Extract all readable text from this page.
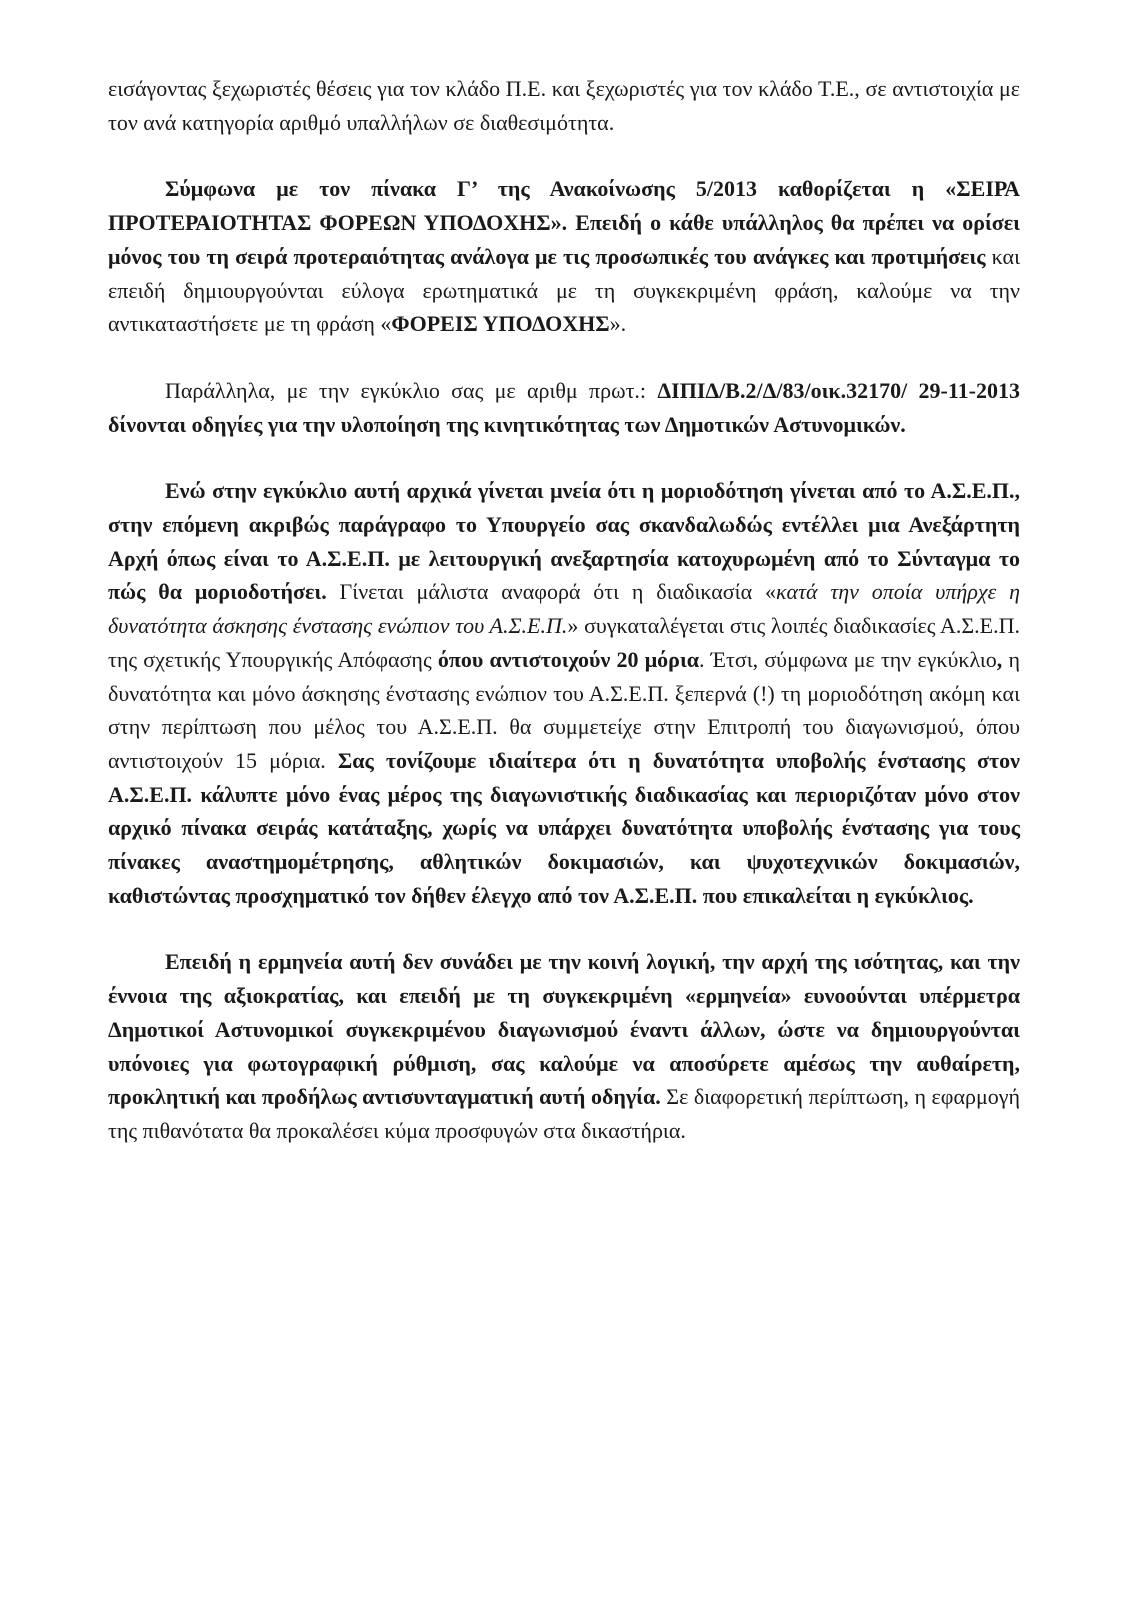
εισάγοντας ξεχωριστές θέσεις για τον κλάδο Π.Ε. και ξεχωριστές για τον κλάδο Τ.Ε., σε αντιστοιχία με τον ανά κατηγορία αριθμό υπαλλήλων σε διαθεσιμότητα.

Σύμφωνα με τον πίνακα Γ’ της Ανακοίνωσης 5/2013 καθορίζεται η «ΣΕΙΡΑ ΠΡΟΤΕΡΑΙΟΤΗΤΑΣ ΦΟΡΕΩΝ ΥΠΟΔΟΧΗΣ». Επειδή ο κάθε υπάλληλος θα πρέπει να ορίσει μόνος του τη σειρά προτεραιότητας ανάλογα με τις προσωπικές του ανάγκες και προτιμήσεις και επειδή δημιουργούνται εύλογα ερωτηματικά με τη συγκεκριμένη φράση, καλούμε να την αντικαταστήσετε με τη φράση «ΦΟΡΕΙΣ ΥΠΟΔΟΧΗΣ».

Παράλληλα, με την εγκύκλιο σας με αριθμ πρωτ.: ΔΙΠΙΔ/Β.2/Δ/83/οικ.32170/ 29-11-2013 δίνονται οδηγίες για την υλοποίηση της κινητικότητας των Δημοτικών Αστυνομικών.

Ενώ στην εγκύκλιο αυτή αρχικά γίνεται μνεία ότι η μοριοδότηση γίνεται από το Α.Σ.Ε.Π., στην επόμενη ακριβώς παράγραφο το Υπουργείο σας σκανδαλωδώς εντέλλει μια Ανεξάρτητη Αρχή όπως είναι το Α.Σ.Ε.Π. με λειτουργική ανεξαρτησία κατοχυρωμένη από το Σύνταγμα το πώς θα μοριοδοτήσει. Γίνεται μάλιστα αναφορά ότι η διαδικασία «κατά την οποία υπήρχε η δυνατότητα άσκησης ένστασης ενώπιον του Α.Σ.Ε.Π.» συγκαταλέγεται στις λοιπές διαδικασίες Α.Σ.Ε.Π. της σχετικής Υπουργικής Απόφασης όπου αντιστοιχούν 20 μόρια. Έτσι, σύμφωνα με την εγκύκλιο, η δυνατότητα και μόνο άσκησης ένστασης ενώπιον του Α.Σ.Ε.Π. ξεπερνά (!) τη μοριοδότηση ακόμη και στην περίπτωση που μέλος του Α.Σ.Ε.Π. θα συμμετείχε στην Επιτροπή του διαγωνισμού, όπου αντιστοιχούν 15 μόρια. Σας τονίζουμε ιδιαίτερα ότι η δυνατότητα υποβολής ένστασης στον Α.Σ.Ε.Π. κάλυπτε μόνο ένας μέρος της διαγωνιστικής διαδικασίας και περιοριζόταν μόνο στον αρχικό πίνακα σειράς κατάταξης, χωρίς να υπάρχει δυνατότητα υποβολής ένστασης για τους πίνακες αναστημομέτρησης, αθλητικών δοκιμασιών, και ψυχοτεχνικών δοκιμασιών, καθιστώντας προσχηματικό τον δήθεν έλεγχο από τον Α.Σ.Ε.Π. που επικαλείται η εγκύκλιος.

Επειδή η ερμηνεία αυτή δεν συνάδει με την κοινή λογική, την αρχή της ισότητας, και την έννοια της αξιοκρατίας, και επειδή με τη συγκεκριμένη «ερμηνεία» ευνοούνται υπέρμετρα Δημοτικοί Αστυνομικοί συγκεκριμένου διαγωνισμού έναντι άλλων, ώστε να δημιουργούνται υπόνοιες για φωτογραφική ρύθμιση, σας καλούμε να αποσύρετε αμέσως την αυθαίρετη, προκλητική και προδήλως αντισυνταγματική αυτή οδηγία. Σε διαφορετική περίπτωση, η εφαρμογή της πιθανότατα θα προκαλέσει κύμα προσφυγών στα δικαστήρια.
